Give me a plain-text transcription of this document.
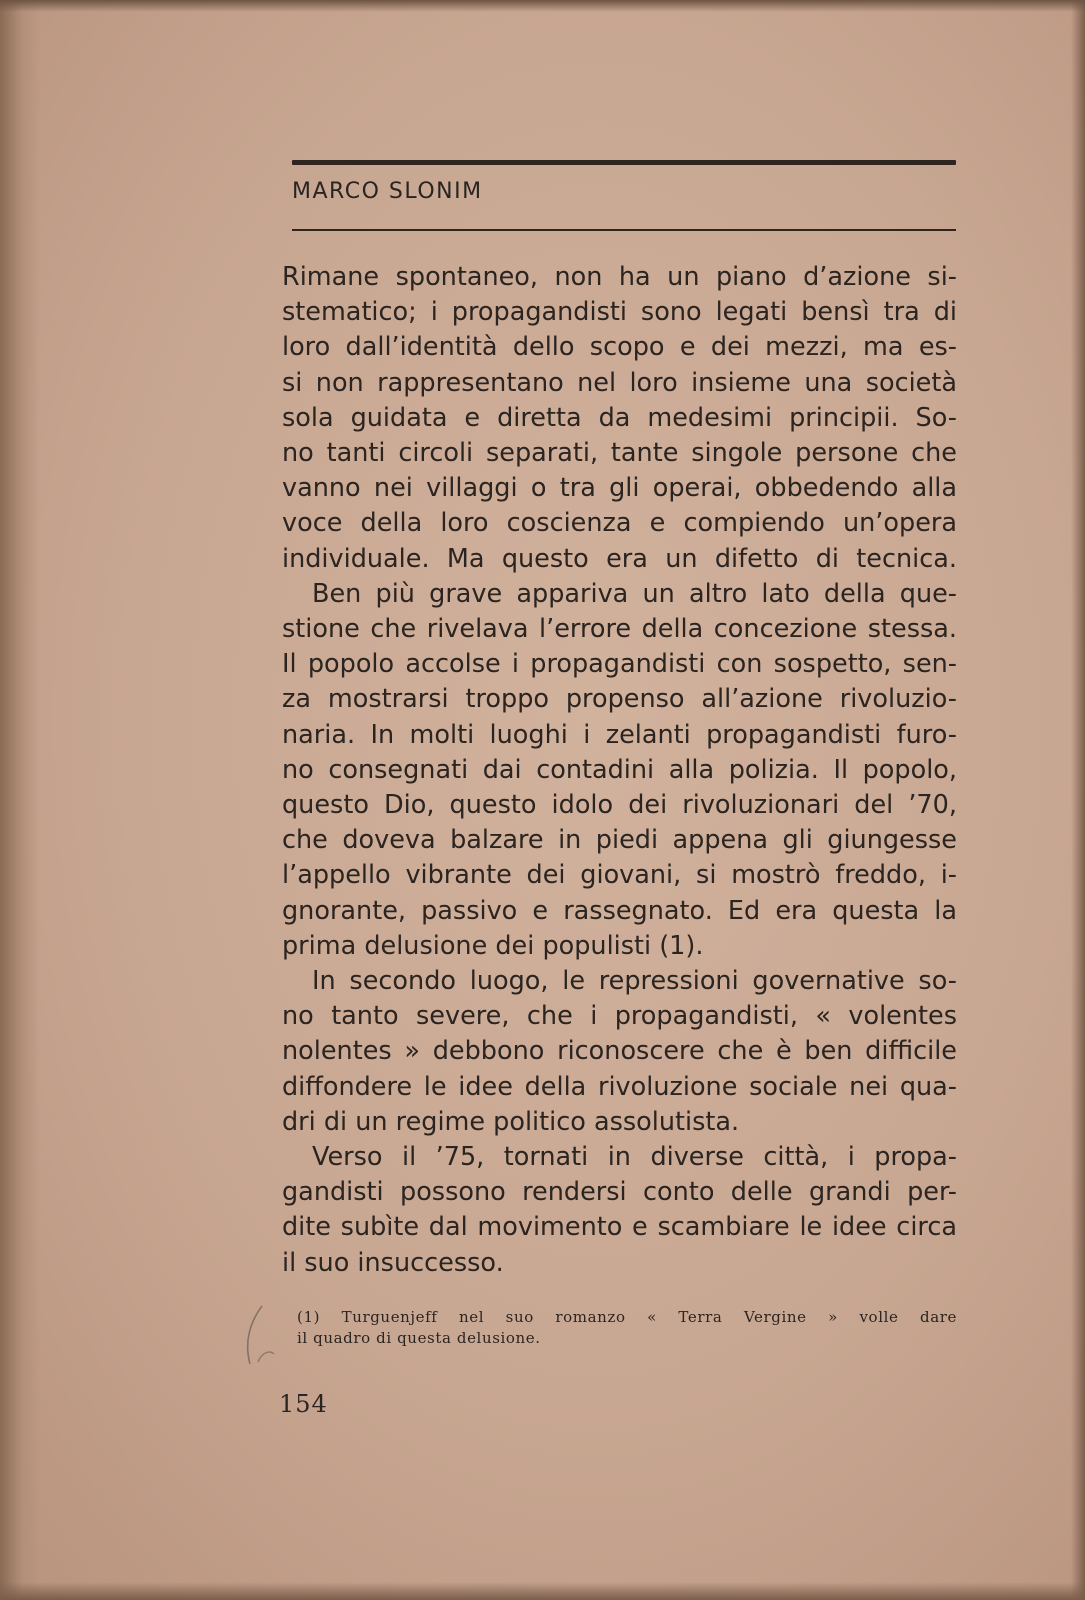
MARCO SLONIM
Rimane spontaneo, non ha un piano d’azione si-
stematico; i propagandisti sono legati bensì tra di
loro dall’identità dello scopo e dei mezzi, ma es-
si non rappresentano nel loro insieme una società
sola guidata e diretta da medesimi principii. So-
no tanti circoli separati, tante singole persone che
vanno nei villaggi o tra gli operai, obbedendo alla
voce della loro coscienza e compiendo un’opera
individuale. Ma questo era un difetto di tecnica.
Ben più grave appariva un altro lato della que-
stione che rivelava l’errore della concezione stessa.
Il popolo accolse i propagandisti con sospetto, sen-
za mostrarsi troppo propenso all’azione rivoluzio-
naria. In molti luoghi i zelanti propagandisti furo-
no consegnati dai contadini alla polizia. Il popolo,
questo Dio, questo idolo dei rivoluzionari del ’70,
che doveva balzare in piedi appena gli giungesse
l’appello vibrante dei giovani, si mostrò freddo, i-
gnorante, passivo e rassegnato. Ed era questa la
prima delusione dei populisti (1).
In secondo luogo, le repressioni governative so-
no tanto severe, che i propagandisti, « volentes
nolentes » debbono riconoscere che è ben difficile
diffondere le idee della rivoluzione sociale nei qua-
dri di un regime politico assolutista.
Verso il ’75, tornati in diverse città, i propa-
gandisti possono rendersi conto delle grandi per-
dite subìte dal movimento e scambiare le idee circa
il suo insuccesso.
(1) Turguenjeff nel suo romanzo « Terra Vergine » volle dare
il quadro di questa delusione.
154
